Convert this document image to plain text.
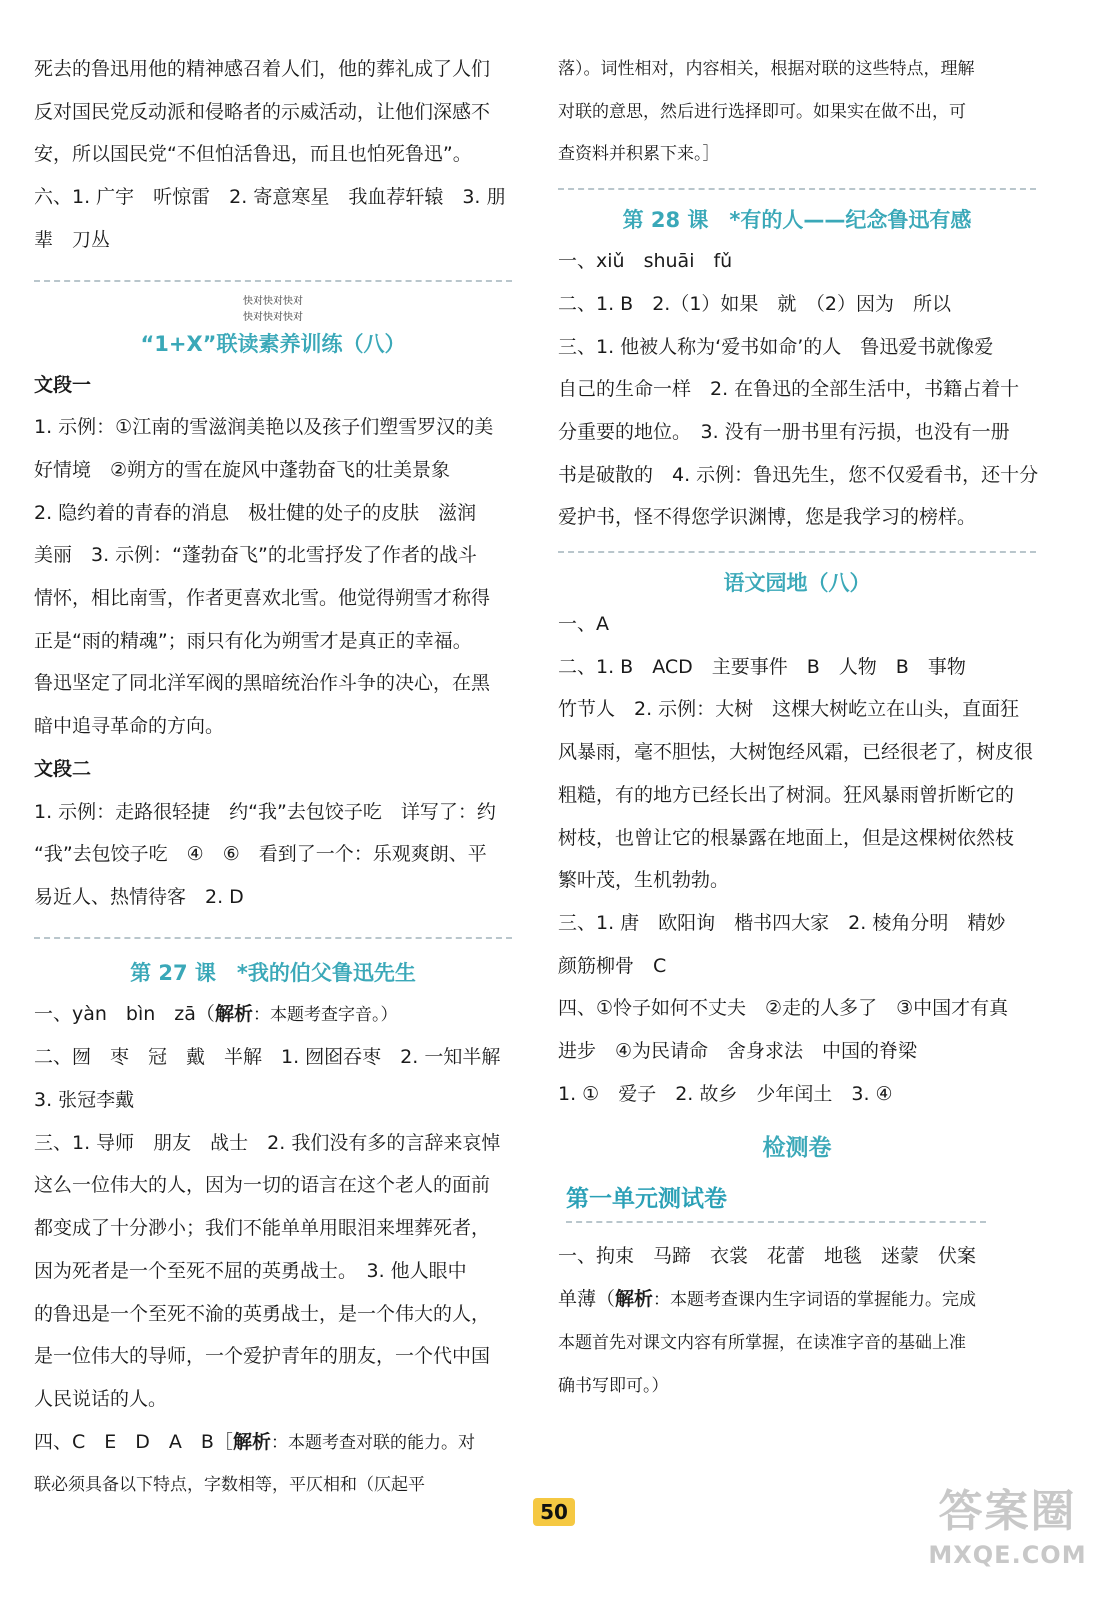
死去的鲁迅用他的精神感召着人们，他的葬礼成了人们

反对国民党反动派和侵略者的示威活动，让他们深感不

安，所以国民党“不但怕活鲁迅，而且也怕死鲁迅”。

六、1. 广宇　听惊雷　2. 寄意寒星　我血荐轩辕　3. 朋

辈　刀丛

快对快对快对

快对快对快对

“1+X”联读素养训练（八）

文段一

1. 示例：①江南的雪滋润美艳以及孩子们塑雪罗汉的美

好情境　②朔方的雪在旋风中蓬勃奋飞的壮美景象

2. 隐约着的青春的消息　极壮健的处子的皮肤　滋润

美丽　3. 示例：“蓬勃奋飞”的北雪抒发了作者的战斗

情怀，相比南雪，作者更喜欢北雪。他觉得朔雪才称得

正是“雨的精魂”；雨只有化为朔雪才是真正的幸福。

鲁迅坚定了同北洋军阀的黑暗统治作斗争的决心，在黑

暗中追寻革命的方向。

文段二

1. 示例：走路很轻捷　约“我”去包饺子吃　详写了：约

“我”去包饺子吃　④　⑥　看到了一个：乐观爽朗、平

易近人、热情待客　2. D

第 27 课　*我的伯父鲁迅先生

一、yàn　bìn　zā（解析：本题考查字音。）

二、囫　枣　冠　戴　半解　1. 囫囵吞枣　2. 一知半解

3. 张冠李戴

三、1. 导师　朋友　战士　2. 我们没有多的言辞来哀悼

这么一位伟大的人，因为一切的语言在这个老人的面前

都变成了十分渺小；我们不能单单用眼泪来埋葬死者，

因为死者是一个至死不屈的英勇战士。　3. 他人眼中

的鲁迅是一个至死不渝的英勇战士，是一个伟大的人，

是一位伟大的导师，一个爱护青年的朋友，一个代中国

人民说话的人。

四、C　E　D　A　B［解析：本题考查对联的能力。对

联必须具备以下特点，字数相等，平仄相和（仄起平

落）。词性相对，内容相关，根据对联的这些特点，理解

对联的意思，然后进行选择即可。如果实在做不出，可

查资料并积累下来。］

第 28 课　*有的人——纪念鲁迅有感

一、xiǔ　shuāi　fǔ

二、1. B　2.（1）如果　就　（2）因为　所以

三、1. 他被人称为‘爱书如命’的人　鲁迅爱书就像爱

自己的生命一样　2. 在鲁迅的全部生活中，书籍占着十

分重要的地位。　3. 没有一册书里有污损，也没有一册

书是破散的　4. 示例：鲁迅先生，您不仅爱看书，还十分

爱护书，怪不得您学识渊博，您是我学习的榜样。

语文园地（八）

一、A

二、1. B　ACD　主要事件　B　人物　B　事物

竹节人　2. 示例：大树　这棵大树屹立在山头，直面狂

风暴雨，毫不胆怯，大树饱经风霜，已经很老了，树皮很

粗糙，有的地方已经长出了树洞。狂风暴雨曾折断它的

树枝，也曾让它的根暴露在地面上，但是这棵树依然枝

繁叶茂，生机勃勃。

三、1. 唐　欧阳询　楷书四大家　2. 棱角分明　精妙

颜筋柳骨　C

四、①怜子如何不丈夫　②走的人多了　③中国才有真

进步　④为民请命　舍身求法　中国的脊梁

1. ①　爱子　2. 故乡　少年闰土　3. ④

检测卷

第一单元测试卷

一、拘束　马蹄　衣裳　花蕾　地毯　迷蒙　伏案

单薄（解析：本题考查课内生字词语的掌握能力。完成

本题首先对课文内容有所掌握，在读准字音的基础上准

确书写即可。）

50	答案圈
MXQE.COM
